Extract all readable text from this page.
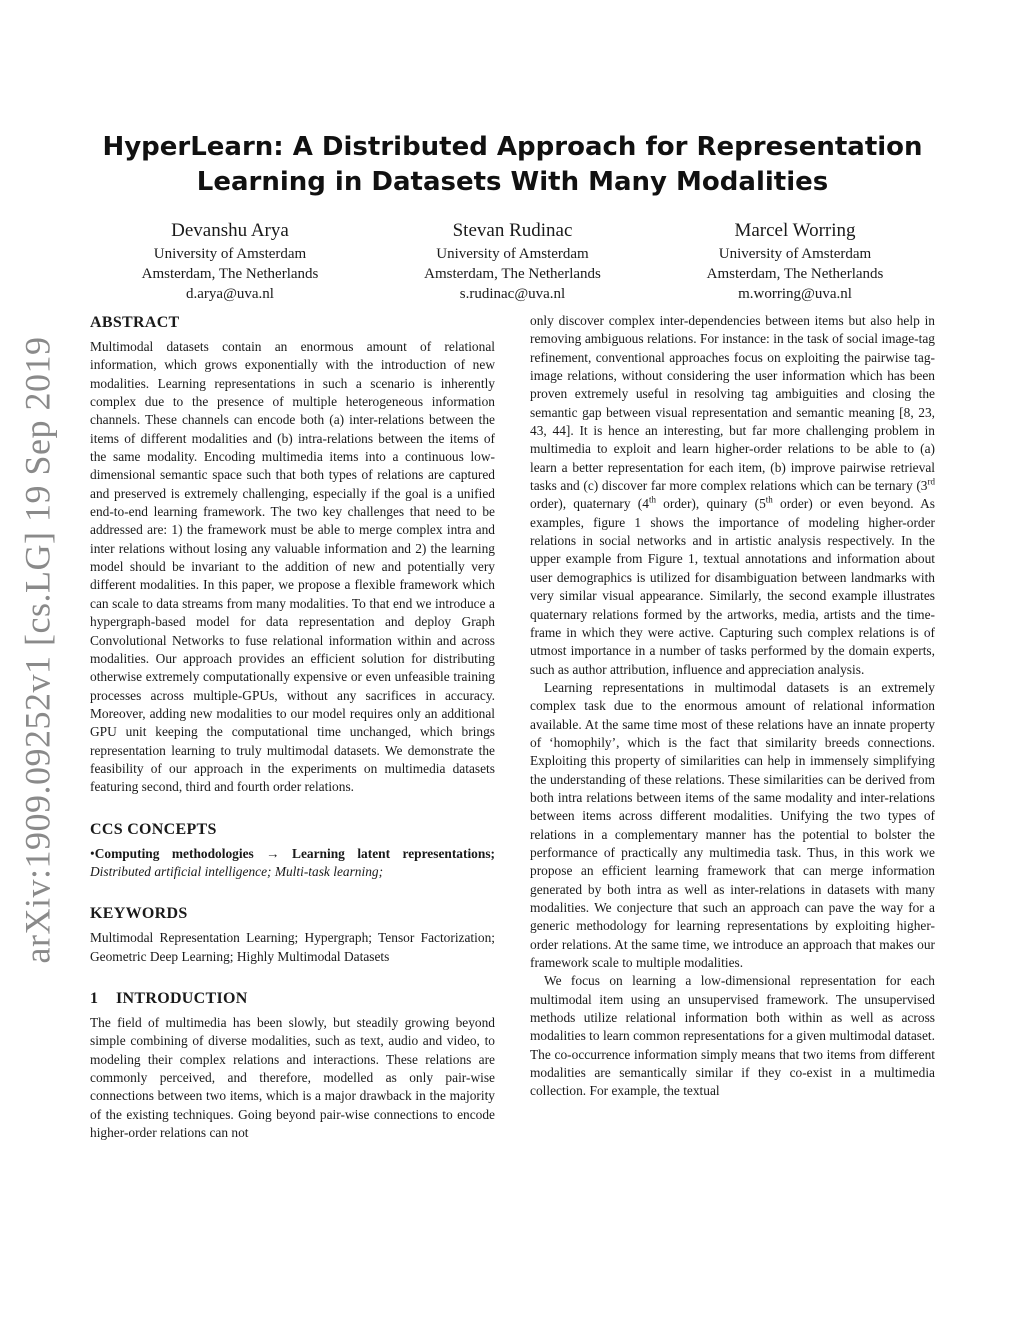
arXiv:1909.09252v1 [cs.LG] 19 Sep 2019
HyperLearn: A Distributed Approach for Representation
Learning in Datasets With Many Modalities
Devanshu Arya
University of Amsterdam
Amsterdam, The Netherlands
d.arya@uva.nl
Stevan Rudinac
University of Amsterdam
Amsterdam, The Netherlands
s.rudinac@uva.nl
Marcel Worring
University of Amsterdam
Amsterdam, The Netherlands
m.worring@uva.nl
ABSTRACT

Multimodal datasets contain an enormous amount of relational information, which grows exponentially with the introduction of new modalities. Learning representations in such a scenario is inherently complex due to the presence of multiple heterogeneous information channels. These channels can encode both (a) inter-relations between the items of different modalities and (b) intra-relations between the items of the same modality. Encoding multimedia items into a continuous low-dimensional semantic space such that both types of relations are captured and preserved is extremely challenging, especially if the goal is a unified end-to-end learning framework. The two key challenges that need to be addressed are: 1) the framework must be able to merge complex intra and inter relations without losing any valuable information and 2) the learning model should be invariant to the addition of new and potentially very different modalities. In this paper, we propose a flexible framework which can scale to data streams from many modalities. To that end we introduce a hypergraph-based model for data representation and deploy Graph Convolutional Networks to fuse relational information within and across modalities. Our approach provides an efficient solution for distributing otherwise extremely computationally expensive or even unfeasible training processes across multiple-GPUs, without any sacrifices in accuracy. Moreover, adding new modalities to our model requires only an additional GPU unit keeping the computational time unchanged, which brings representation learning to truly multimodal datasets. We demonstrate the feasibility of our approach in the experiments on multimedia datasets featuring second, third and fourth order relations.

CCS CONCEPTS

•Computing methodologies → Learning latent representations; Distributed artificial intelligence; Multi-task learning;

KEYWORDS

Multimodal Representation Learning; Hypergraph; Tensor Factorization; Geometric Deep Learning; Highly Multimodal Datasets

1 INTRODUCTION

The field of multimedia has been slowly, but steadily growing beyond simple combining of diverse modalities, such as text, audio and video, to modeling their complex relations and interactions. These relations are commonly perceived, and therefore, modelled as only pair-wise connections between two items, which is a major drawback in the majority of the existing techniques. Going beyond pair-wise connections to encode higher-order relations can not

only discover complex inter-dependencies between items but also help in removing ambiguous relations. For instance: in the task of social image-tag refinement, conventional approaches focus on exploiting the pairwise tag-image relations, without considering the user information which has been proven extremely useful in resolving tag ambiguities and closing the semantic gap between visual representation and semantic meaning [8, 23, 43, 44]. It is hence an interesting, but far more challenging problem in multimedia to exploit and learn higher-order relations to be able to (a) learn a better representation for each item, (b) improve pairwise retrieval tasks and (c) discover far more complex relations which can be ternary (3rd order), quaternary (4th order), quinary (5th order) or even beyond. As examples, figure 1 shows the importance of modeling higher-order relations in social networks and in artistic analysis respectively. In the upper example from Figure 1, textual annotations and information about user demographics is utilized for disambiguation between landmarks with very similar visual appearance. Similarly, the second example illustrates quaternary relations formed by the artworks, media, artists and the time-frame in which they were active. Capturing such complex relations is of utmost importance in a number of tasks performed by the domain experts, such as author attribution, influence and appreciation analysis.

Learning representations in multimodal datasets is an extremely complex task due to the enormous amount of relational information available. At the same time most of these relations have an innate property of ‘homophily’, which is the fact that similarity breeds connections. Exploiting this property of similarities can help in immensely simplifying the understanding of these relations. These similarities can be derived from both intra relations between items of the same modality and inter-relations between items across different modalities. Unifying the two types of relations in a complementary manner has the potential to bolster the performance of practically any multimedia task. Thus, in this work we propose an efficient learning framework that can merge information generated by both intra as well as inter-relations in datasets with many modalities. We conjecture that such an approach can pave the way for a generic methodology for learning representations by exploiting higher-order relations. At the same time, we introduce an approach that makes our framework scale to multiple modalities.

We focus on learning a low-dimensional representation for each multimodal item using an unsupervised framework. The unsupervised methods utilize relational information both within as well as across modalities to learn common representations for a given multimodal dataset. The co-occurrence information simply means that two items from different modalities are semantically similar if they co-exist in a multimedia collection. For example, the textual
